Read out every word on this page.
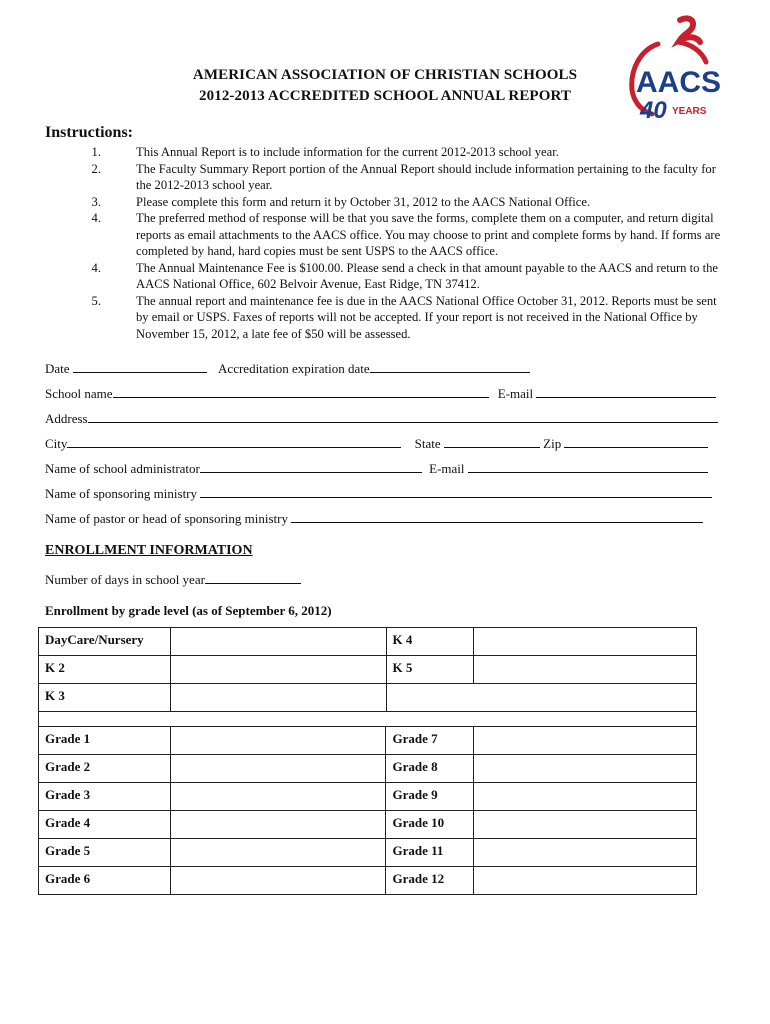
AACS
40 YEARS
AMERICAN ASSOCIATION OF CHRISTIAN SCHOOLS
2012-2013 ACCREDITED SCHOOL ANNUAL REPORT
Instructions:
1.	This Annual Report is to include information for the current 2012-2013 school year.
2.	The Faculty Summary Report portion of the Annual Report should include information pertaining to the faculty for the 2012-2013 school year.
3.	Please complete this form and return it by October 31, 2012 to the AACS National Office.
4.	The preferred method of response will be that you save the forms, complete them on a computer, and return digital reports as email attachments to the AACS office. You may choose to print and complete forms by hand. If forms are completed by hand, hard copies must be sent USPS to the AACS office.
4.	The Annual Maintenance Fee is $100.00. Please send a check in that amount payable to the AACS and return to the AACS National Office, 602 Belvoir Avenue, East Ridge, TN 37412.
5.	The annual report and maintenance fee is due in the AACS National Office October 31, 2012. Reports must be sent by email or USPS. Faxes of reports will not be accepted. If your report is not received in the National Office by November 15, 2012, a late fee of $50 will be assessed.
Date	Accreditation expiration date
School name	E-mail
Address
City	State	Zip
Name of school administrator	E-mail
Name of sponsoring ministry
Name of pastor or head of sponsoring ministry
ENROLLMENT INFORMATION
Number of days in school year
Enrollment by grade level (as of September 6, 2012)
DayCare/Nursery		K 4	
K 2		K 5	
K 3			

Grade 1		Grade 7	
Grade 2		Grade 8	
Grade 3		Grade 9	
Grade 4		Grade 10	
Grade 5		Grade 11	
Grade 6		Grade 12	
